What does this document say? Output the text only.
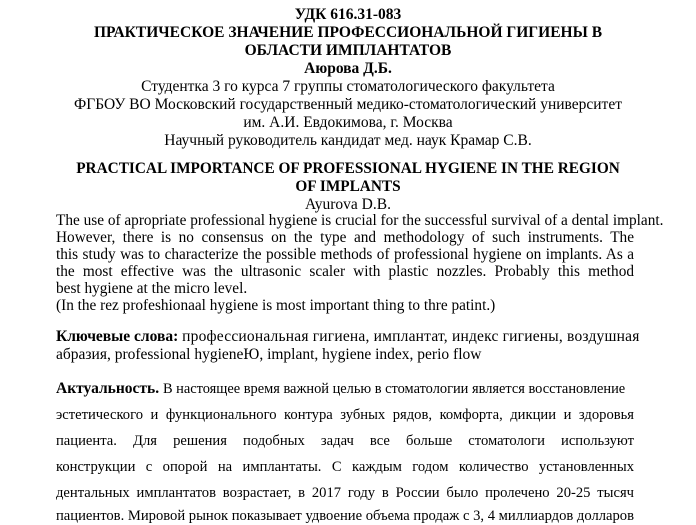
УДК 616.31-083
ПРАКТИЧЕСКОЕ ЗНАЧЕНИЕ ПРОФЕССИОНАЛЬНОЙ ГИГИЕНЫ В
ОБЛАСТИ ИМПЛАНТАТОВ
Аюрова Д.Б.
Студентка 3 го курса 7 группы стоматологического факультета
ФГБОУ ВО Московский государственный медико-стоматологический университет
им. А.И. Евдокимова, г. Москва
Научный руководитель кандидат мед. наук Крамар С.В.
PRACTICAL IMPORTANCE OF PROFESSIONAL HYGIENE IN THE REGION
OF IMPLANTS
Ayurova D.B.
The use of apropriate professional hygiene is crucial for the successful survival of a dental implant.
However, there is no consensus on the type and methodology of such instruments. The
this study was to characterize the possible methods of professional hygiene on implants. As a
the most effective was the ultrasonic scaler with plastic nozzles. Probably this method
best hygiene at the micro level.
(In the rez profeshionaal hygiene is most important thing to thre patint.)
Ключевые слова: профессиональная гигиена, имплантат, индекс гигиены, воздушная
абразия, professional hygieneЮ, implant, hygiene index, perio flow
Актуальность. В настоящее время важной целью в стоматологии является восстановление
эстетического и функционального контура зубных рядов, комфорта, дикции и здоровья
пациента. Для решения подобных задач все больше стоматологи используют
конструкции с опорой на имплантаты. С каждым годом количество установленных
дентальных имплантатов возрастает, в 2017 году в России было пролечено 20-25 тысяч
пациентов. Мировой рынок показывает удвоение объема продаж с 3, 4 миллиардов долларов
